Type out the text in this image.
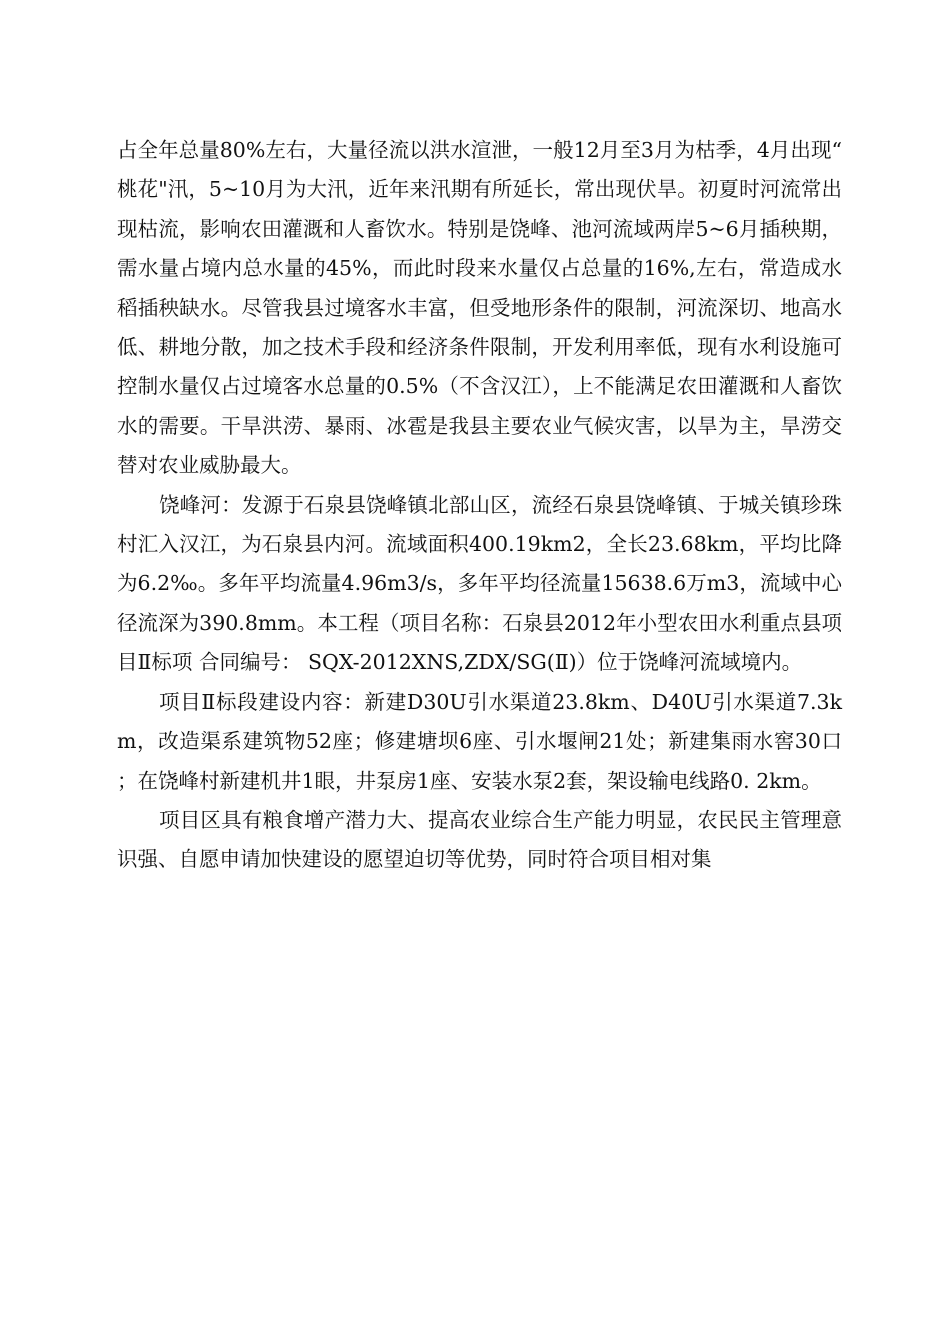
占全年总量80%左右，大量径流以洪水渲泄，一般12月至3月为枯季，4月出现“桃花"汛，5~10月为大汛，近年来汛期有所延长，常出现伏旱。初夏时河流常出现枯流，影响农田灌溉和人畜饮水。特别是饶峰、池河流域两岸5~6月插秧期，需水量占境内总水量的45%，而此时段来水量仅占总量的16%,左右，常造成水稻插秧缺水。尽管我县过境客水丰富，但受地形条件的限制，河流深切、地高水低、耕地分散，加之技术手段和经济条件限制，开发利用率低，现有水利设施可控制水量仅占过境客水总量的0.5%（不含汉江），上不能满足农田灌溉和人畜饮水的需要。干旱洪涝、暴雨、冰雹是我县主要农业气候灾害，以旱为主，旱涝交替对农业威胁最大。

饶峰河：发源于石泉县饶峰镇北部山区，流经石泉县饶峰镇、于城关镇珍珠村汇入汉江，为石泉县内河。流域面积400.19km2，全长23.68km，平均比降为6.2‰。多年平均流量4.96m3/s，多年平均径流量15638.6万m3，流域中心径流深为390.8mm。本工程（项目名称：石泉县2012年小型农田水利重点县项目Ⅱ标项 合同编号： SQX-2012XNS,ZDX/SG(Ⅱ)）位于饶峰河流域境内。

项目Ⅱ标段建设内容：新建D30U引水渠道23.8km、D40U引水渠道7.3km，改造渠系建筑物52座；修建塘坝6座、引水堰闸21处；新建集雨水窖30口；在饶峰村新建机井1眼，井泵房1座、安装水泵2套，架设输电线路0. 2km。

项目区具有粮食增产潜力大、提高农业综合生产能力明显，农民民主管理意识强、自愿申请加快建设的愿望迫切等优势，同时符合项目相对集
